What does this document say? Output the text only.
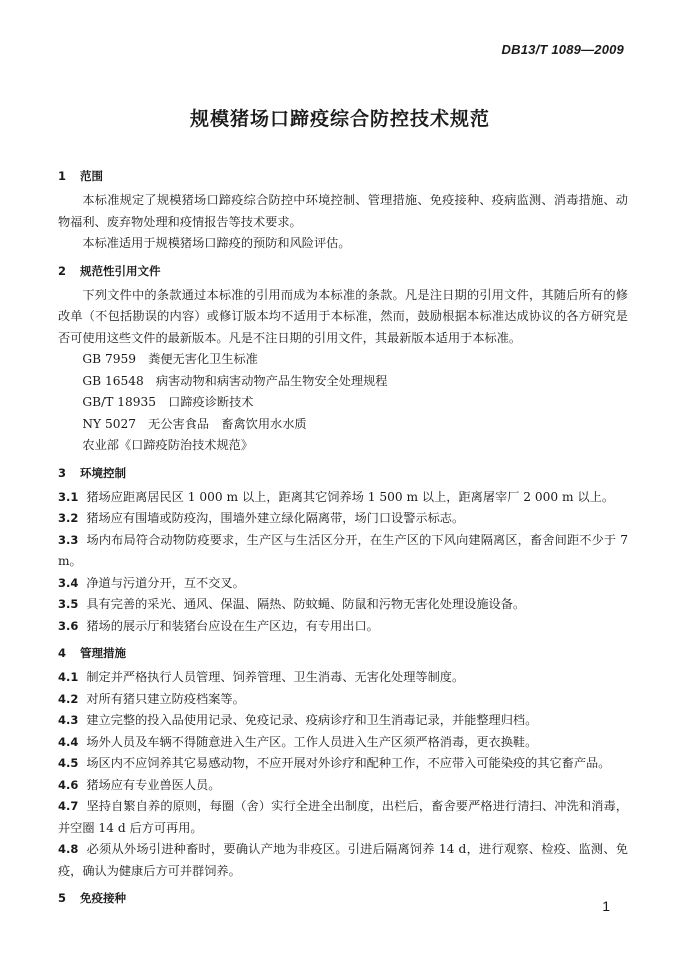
DB13/T 1089—2009
规模猪场口蹄疫综合防控技术规范
1 范围

本标准规定了规模猪场口蹄疫综合防控中环境控制、管理措施、免疫接种、疫病监测、消毒措施、动物福利、废弃物处理和疫情报告等技术要求。

本标准适用于规模猪场口蹄疫的预防和风险评估。

2 规范性引用文件

下列文件中的条款通过本标准的引用而成为本标准的条款。凡是注日期的引用文件，其随后所有的修改单（不包括勘误的内容）或修订版本均不适用于本标准，然而，鼓励根据本标准达成协议的各方研究是否可使用这些文件的最新版本。凡是不注日期的引用文件，其最新版本适用于本标准。

GB 7959　粪便无害化卫生标准

GB 16548　病害动物和病害动物产品生物安全处理规程

GB/T 18935　口蹄疫诊断技术

NY 5027　无公害食品　畜禽饮用水水质

农业部《口蹄疫防治技术规范》

3 环境控制

3.1 猪场应距离居民区 1 000 m 以上，距离其它饲养场 1 500 m 以上，距离屠宰厂 2 000 m 以上。

3.2 猪场应有围墙或防疫沟，围墙外建立绿化隔离带，场门口设警示标志。

3.3 场内布局符合动物防疫要求，生产区与生活区分开，在生产区的下风向建隔离区，畜舍间距不少于 7 m。

3.4 净道与污道分开，互不交叉。

3.5 具有完善的采光、通风、保温、隔热、防蚊蝇、防鼠和污物无害化处理设施设备。

3.6 猪场的展示厅和装猪台应设在生产区边，有专用出口。

4 管理措施

4.1 制定并严格执行人员管理、饲养管理、卫生消毒、无害化处理等制度。

4.2 对所有猪只建立防疫档案等。

4.3 建立完整的投入品使用记录、免疫记录、疫病诊疗和卫生消毒记录，并能整理归档。

4.4 场外人员及车辆不得随意进入生产区。工作人员进入生产区须严格消毒，更衣换鞋。

4.5 场区内不应饲养其它易感动物，不应开展对外诊疗和配种工作，不应带入可能染疫的其它畜产品。

4.6 猪场应有专业兽医人员。

4.7 坚持自繁自养的原则，每圈（舍）实行全进全出制度，出栏后，畜舍要严格进行清扫、冲洗和消毒，并空圈 14 d 后方可再用。

4.8 必须从外场引进种畜时，要确认产地为非疫区。引进后隔离饲养 14 d，进行观察、检疫、监测、免疫，确认为健康后方可并群饲养。

5 免疫接种	1
